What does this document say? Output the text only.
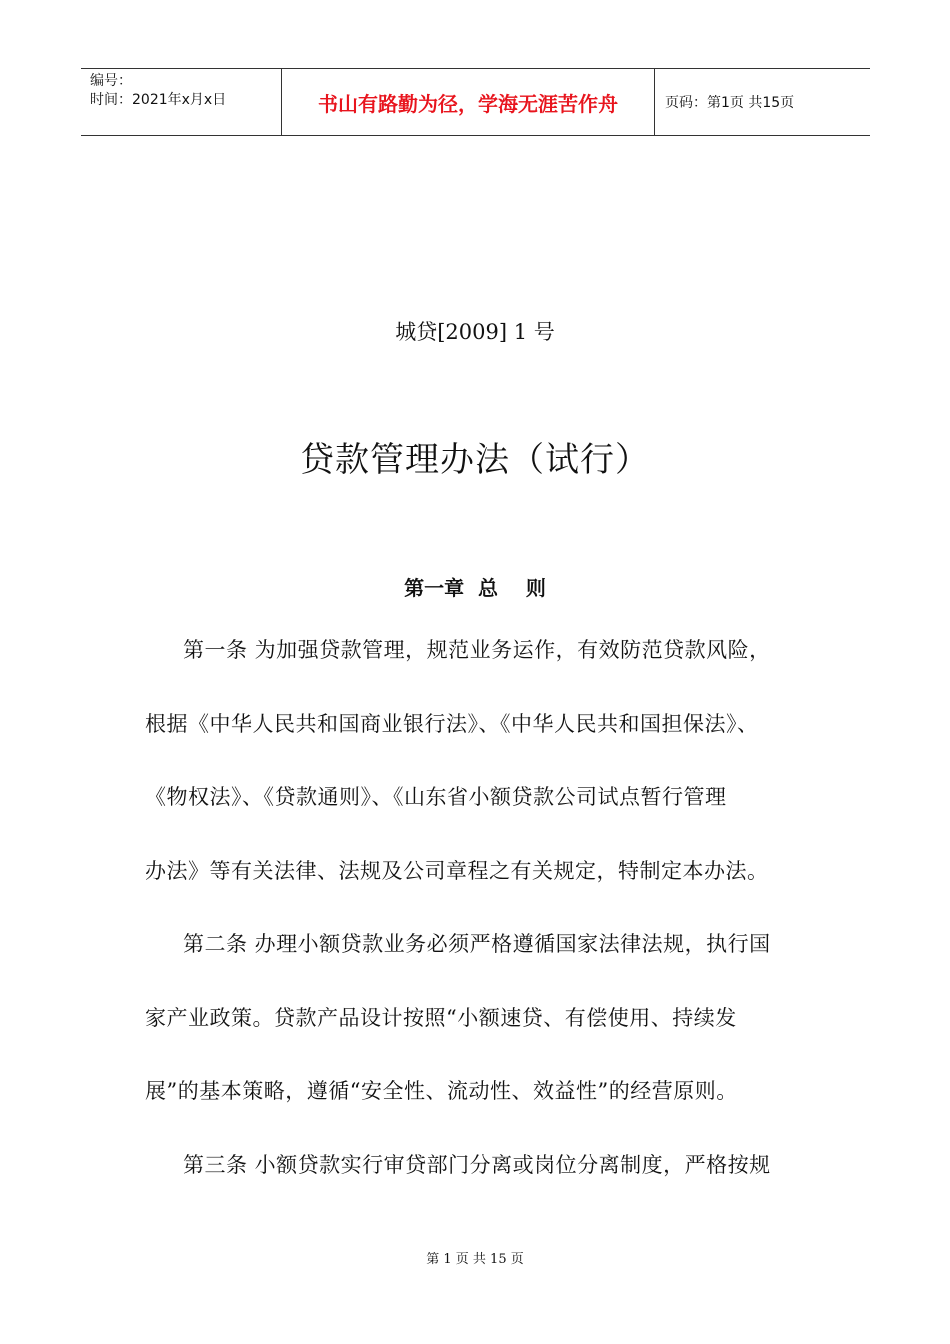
编号：
时间：2021年x月x日	书山有路勤为径，学海无涯苦作舟	页码：第1页 共15页
城贷[2009] 1 号
贷款管理办法（试行）
第一章  总    则
第一条 为加强贷款管理，规范业务运作，有效防范贷款风险，
根据《中华人民共和国商业银行法》、《中华人民共和国担保法》、
《物权法》、《贷款通则》、《山东省小额贷款公司试点暂行管理
办法》等有关法律、法规及公司章程之有关规定，特制定本办法。
第二条 办理小额贷款业务必须严格遵循国家法律法规，执行国
家产业政策。贷款产品设计按照“小额速贷、有偿使用、持续发
展”的基本策略，遵循“安全性、流动性、效益性”的经营原则。
第三条 小额贷款实行审贷部门分离或岗位分离制度，严格按规
第 1 页 共 15 页
